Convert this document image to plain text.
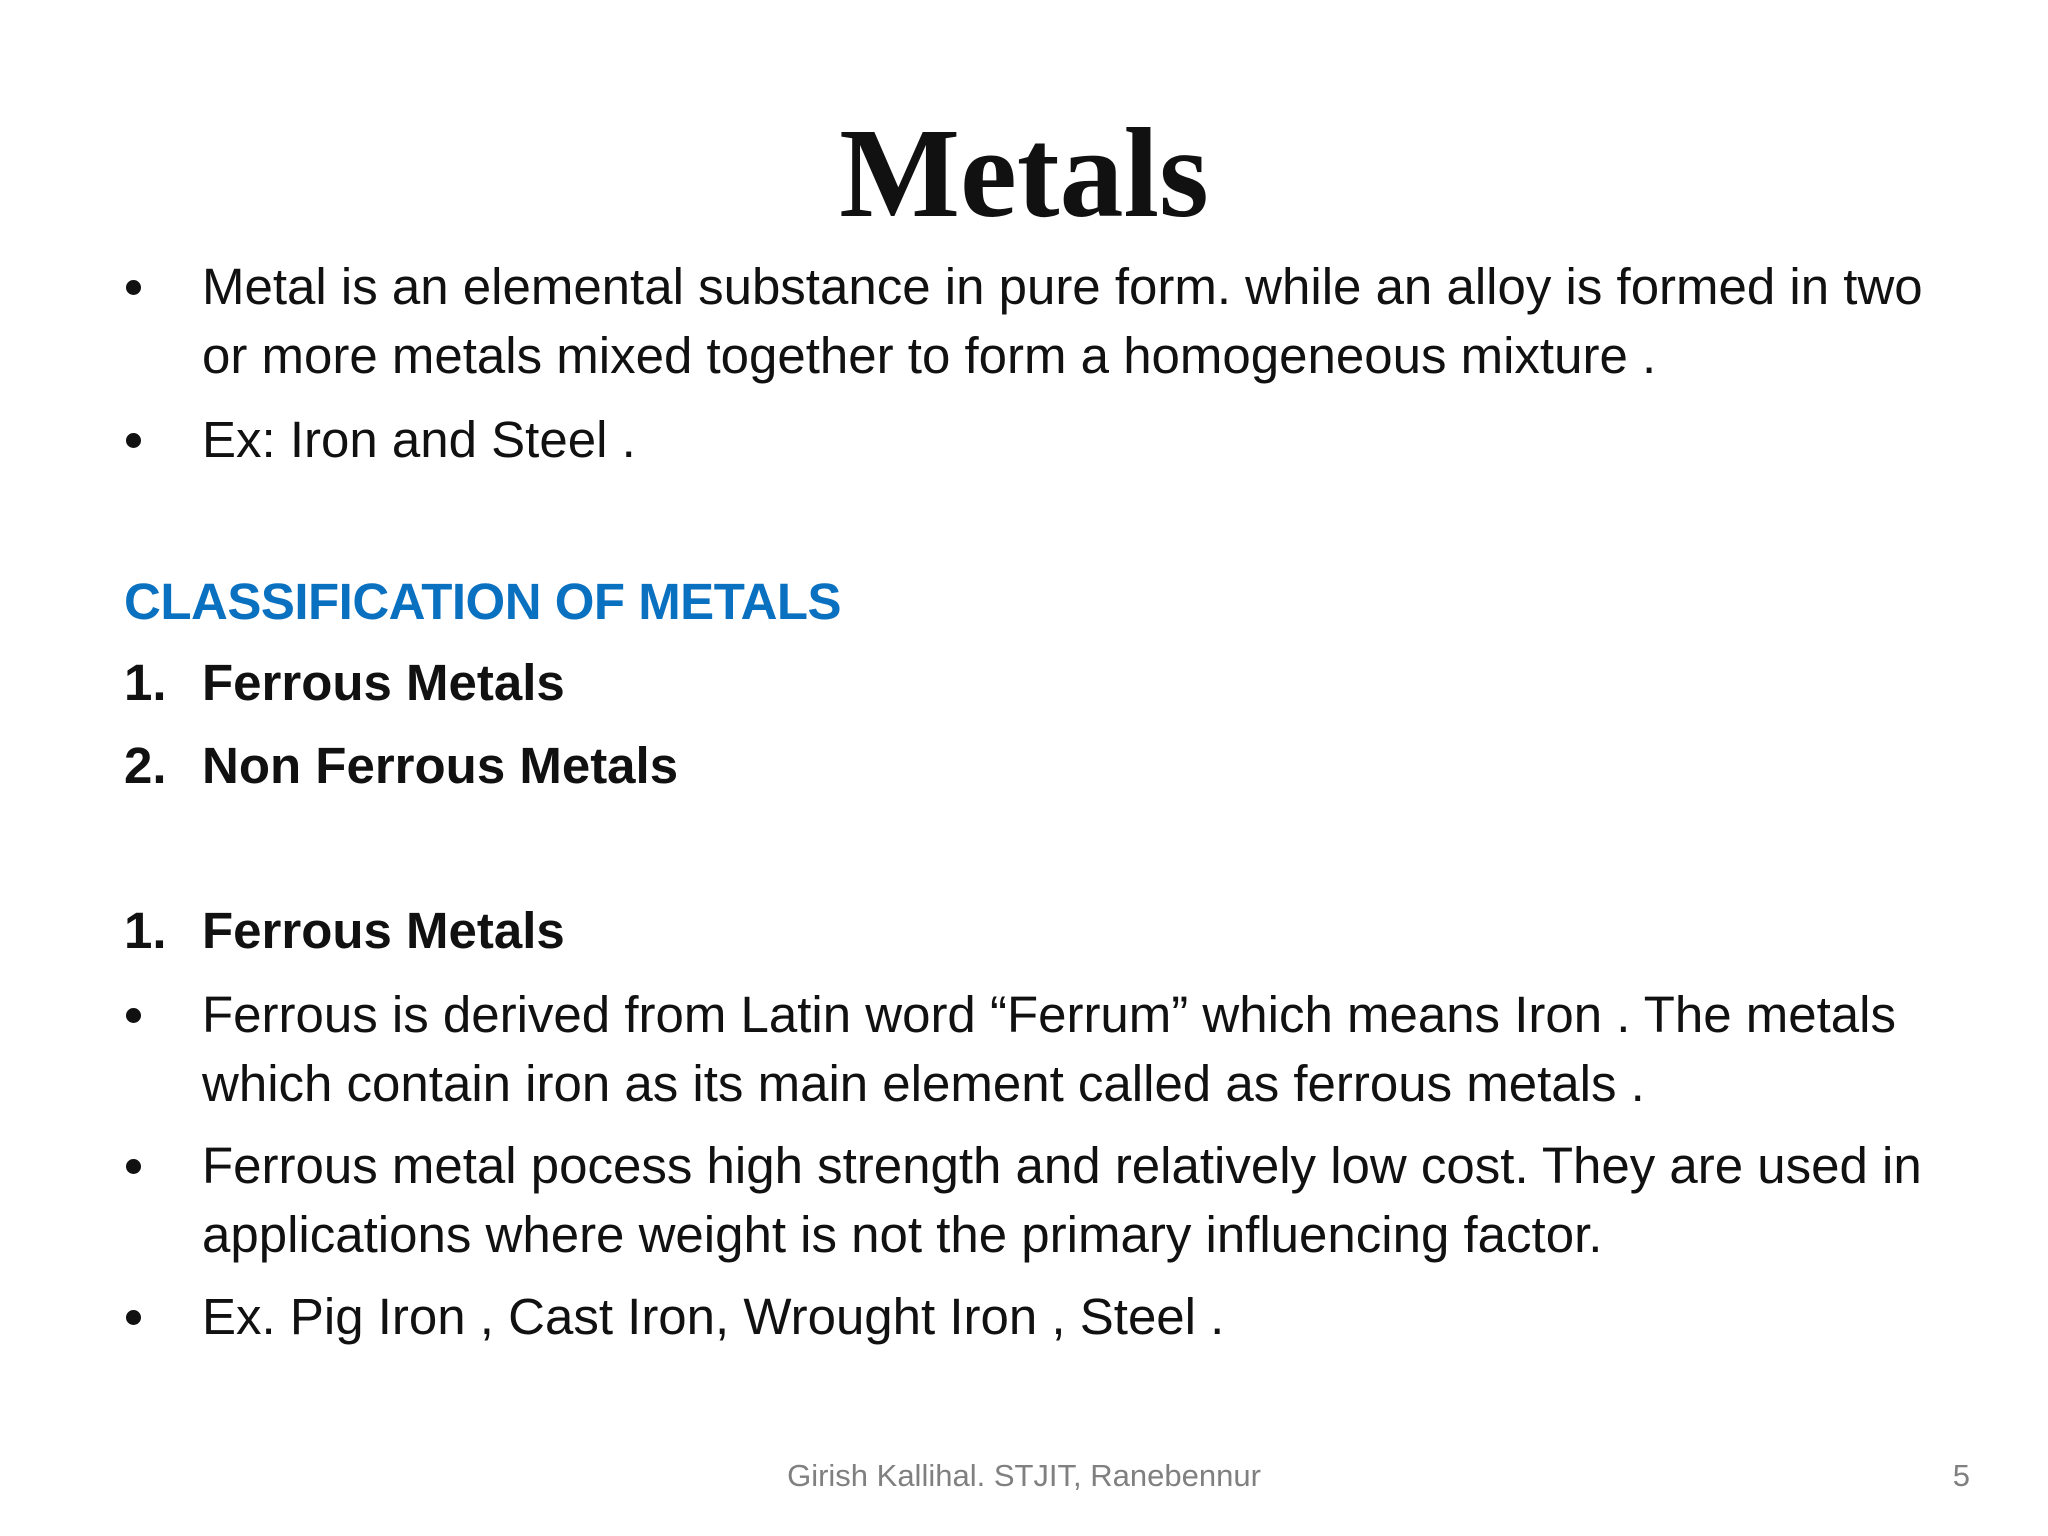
Metals
Metal is an elemental substance in pure form. while an alloy is formed in two or more metals mixed together to form a homogeneous mixture .
Ex: Iron and Steel .
CLASSIFICATION OF METALS
1. Ferrous Metals
2. Non Ferrous Metals
1. Ferrous Metals
Ferrous is derived from Latin word “Ferrum” which means Iron . The metals which contain iron as its main element called as ferrous metals .
Ferrous metal pocess high strength and relatively low cost. They are used in applications where weight is not the primary influencing factor.
Ex. Pig Iron , Cast Iron, Wrought Iron , Steel .
Girish Kallihal. STJIT, Ranebennur	5
